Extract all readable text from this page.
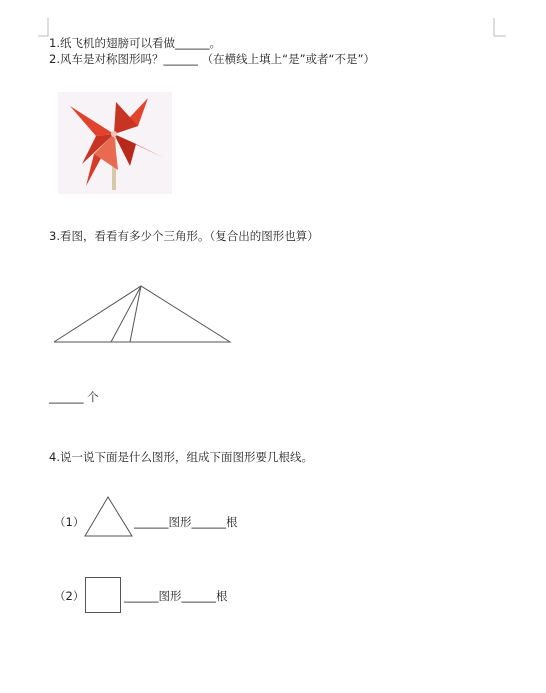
1.纸飞机的翅膀可以看做______。
2.风车是对称图形吗？______ （在横线上填上“是”或者“不是”）
3.看图，看看有多少个三角形。（复合出的图形也算）
______ 个
4.说一说下面是什么图形，组成下面图形要几根线。
（1）	______图形______根
（2）	______图形______根
